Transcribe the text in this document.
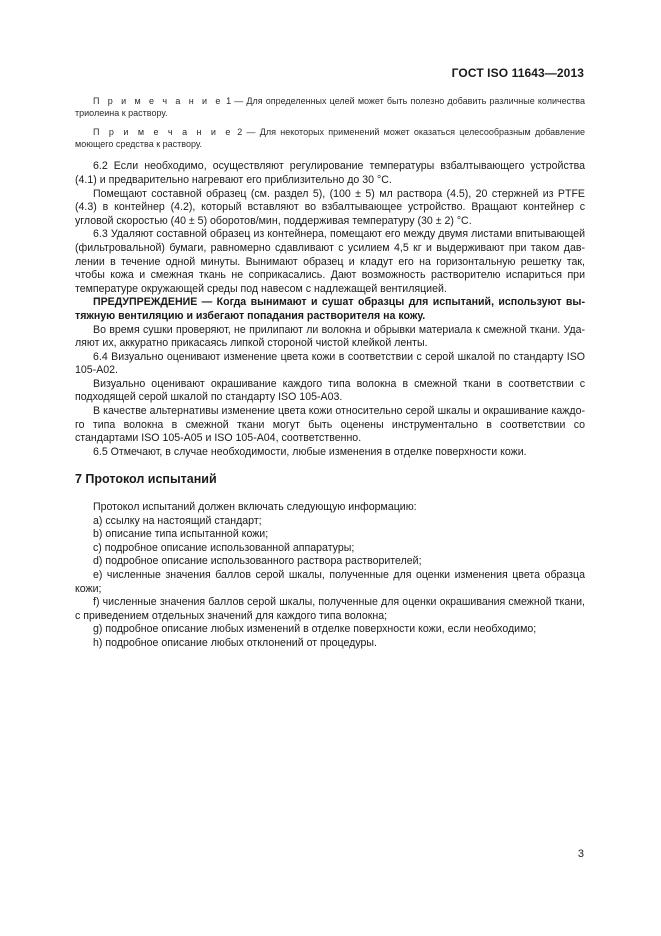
ГОСТ ISO 11643—2013

П р и м е ч а н и е 1 — Для определенных целей может быть полезно добавить различные количества триолеина к раствору.

П р и м е ч а н и е 2 — Для некоторых применений может оказаться целесообразным добавление моющего средства к раствору.

6.2 Если необходимо, осуществляют регулирование температуры взбалтывающего устройства (4.1) и предварительно нагревают его приблизительно до 30 °C.

Помещают составной образец (см. раздел 5), (100 ± 5) мл раствора (4.5), 20 стержней из PTFE (4.3) в контейнер (4.2), который вставляют во взбалтывающее устройство. Вращают контейнер с угловой скоростью (40 ± 5) оборотов/мин, поддерживая температуру (30 ± 2) °C.

6.3 Удаляют составной образец из контейнера, помещают его между двумя листами впитывающей (фильтровальной) бумаги, равномерно сдавливают с усилием 4,5 кг и выдерживают при таком давлении в течение одной минуты. Вынимают образец и кладут его на горизонтальную решетку так, чтобы кожа и смежная ткань не соприкасались. Дают возможность растворителю испариться при температуре окружающей среды под навесом с надлежащей вентиляцией.

ПРЕДУПРЕЖДЕНИЕ — Когда вынимают и сушат образцы для испытаний, используют вытяжную вентиляцию и избегают попадания растворителя на кожу.

Во время сушки проверяют, не прилипают ли волокна и обрывки материала к смежной ткани. Удаляют их, аккуратно прикасаясь липкой стороной чистой клейкой ленты.

6.4 Визуально оценивают изменение цвета кожи в соответствии с серой шкалой по стандарту ISO 105-A02.

Визуально оценивают окрашивание каждого типа волокна в смежной ткани в соответствии с подходящей серой шкалой по стандарту ISO 105-A03.

В качестве альтернативы изменение цвета кожи относительно серой шкалы и окрашивание каждого типа волокна в смежной ткани могут быть оценены инструментально в соответствии со стандартами ISO 105-A05 и ISO 105-A04, соответственно.

6.5 Отмечают, в случае необходимости, любые изменения в отделке поверхности кожи.

7 Протокол испытаний

Протокол испытаний должен включать следующую информацию:

a) ссылку на настоящий стандарт;

b) описание типа испытанной кожи;

c) подробное описание использованной аппаратуры;

d) подробное описание использованного раствора растворителей;

e) численные значения баллов серой шкалы, полученные для оценки изменения цвета образца кожи;

f) численные значения баллов серой шкалы, полученные для оценки окрашивания смежной ткани, с приведением отдельных значений для каждого типа волокна;

g) подробное описание любых изменений в отделке поверхности кожи, если необходимо;

h) подробное описание любых отклонений от процедуры.

3
